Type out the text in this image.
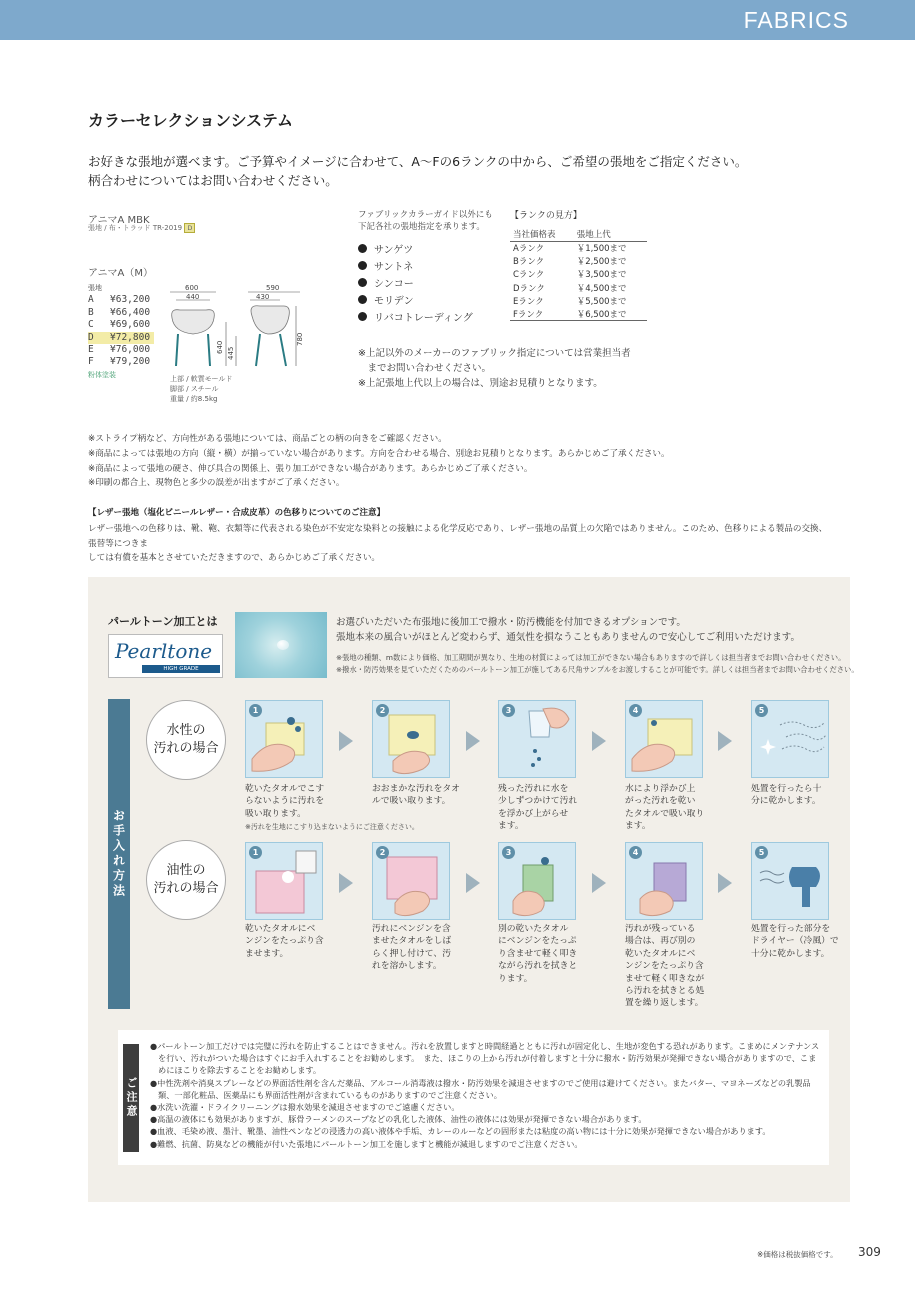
FABRICS
カラーセレクションシステム
お好きな張地が選べます。ご予算やイメージに合わせて、A〜Fの6ランクの中から、ご希望の張地をご指定ください。
柄合わせについてはお問い合わせください。
アニマA MBK
張地 / 布・トラッド TR-2019 D
アニマA（M）
張地
A	¥63,200
B	¥66,400
C	¥69,600
D	¥72,800
E	¥76,000
F	¥79,200
粉体塗装
600
440
590
430
640 445
780
上部 / 軟質モールド
脚部 / スチール
重量 / 約8.5kg
ファブリックカラーガイド以外にも
下記各社の張地指定を承ります。
サンゲツ
サントネ
シンコー
モリデン
リバコトレーディング
【ランクの見方】
当社価格表	張地上代
Aランク	￥1,500まで
Bランク	￥2,500まで
Cランク	￥3,500まで
Dランク	￥4,500まで
Eランク	￥5,500まで
Fランク	￥6,500まで
※上記以外のメーカーのファブリック指定については営業担当者
　までお問い合わせください。
※上記張地上代以上の場合は、別途お見積りとなります。
※ストライプ柄など、方向性がある張地については、商品ごとの柄の向きをご確認ください。
※商品によっては張地の方向（縦・横）が揃っていない場合があります。方向を合わせる場合、別途お見積りとなります。あらかじめご了承ください。
※商品によって張地の硬さ、伸び具合の関係上、張り加工ができない場合があります。あらかじめご了承ください。
※印刷の都合上、現物色と多少の誤差が出ますがご了承ください。
【レザー張地（塩化ビニールレザー・合成皮革）の色移りについてのご注意】
レザー張地への色移りは、靴、鞄、衣類等に代表される染色が不安定な染料との接触による化学反応であり、レザー張地の品質上の欠陥ではありません。このため、色移りによる製品の交換、張替等につきま
しては有償を基本とさせていただきますので、あらかじめご了承ください。
パールトーン加工とは
Pearltone
HIGH GRADE
お選びいただいた布張地に後加工で撥水・防汚機能を付加できるオプションです。
張地本来の風合いがほとんど変わらず、通気性を損なうこともありませんので安心してご利用いただけます。
※張地の種類、m数により価格、加工期間が異なり、生地の材質によっては加工ができない場合もありますので詳しくは担当者までお問い合わせください。
※撥水・防汚効果を見ていただくためのパールトーン加工が施してある尺角サンプルをお渡しすることが可能です。詳しくは担当者までお問い合わせください。
お手入れ方法
水性の
汚れの場合
1	2	3	4	5
乾いたタオルでこす
らないように汚れを
吸い取ります。
※汚れを生地にこすり込まないようにご注意ください。
おおまかな汚れをタオ
ルで吸い取ります。
残った汚れに水を
少しずつかけて汚れ
を浮かび上がらせ
ます。
水により浮かび上
がった汚れを乾い
たタオルで吸い取り
ます。
処置を行ったら十
分に乾かします。
油性の
汚れの場合
1	2	3	4	5
乾いたタオルにベ
ンジンをたっぷり含
ませます。
汚れにベンジンを含
ませたタオルをしば
らく押し付けて、汚
れを溶かします。
別の乾いたタオル
にベンジンをたっぷ
り含ませて軽く叩き
ながら汚れを拭きと
ります。
汚れが残っている
場合は、再び別の
乾いたタオルにベ
ンジンをたっぷり含
ませて軽く叩きなが
ら汚れを拭きとる処
置を繰り返します。
処置を行った部分を
ドライヤー（冷風）で
十分に乾かします。
ご注意
●パールトーン加工だけでは完璧に汚れを防止することはできません。汚れを放置しますと時間経過とともに汚れが固定化し、生地が変色する恐れがあります。こまめにメンテナンスを行い、汚れがついた場合はすぐにお手入れすることをお勧めします。　また、ほこりの上から汚れが付着しますと十分に撥水・防汚効果が発揮できない場合がありますので、こまめにほこりを除去することをお勧めします。
●中性洗剤や消臭スプレーなどの界面活性剤を含んだ薬品、アルコール消毒液は撥水・防汚効果を減退させますのでご使用は避けてください。またバター、マヨネーズなどの乳製品類、一部化粧品、医薬品にも界面活性剤が含まれているものがありますのでご注意ください。
●水洗い洗濯・ドライクリーニングは撥水効果を減退させますのでご遠慮ください。
●高温の液体にも効果がありますが、豚骨ラーメンのスープなどの乳化した液体、油性の液体には効果が発揮できない場合があります。
●血液、毛染め液、墨汁、靴墨、油性ペンなどの浸透力の高い液体や手垢、カレーのルーなどの固形または粘度の高い物には十分に効果が発揮できない場合があります。
●難燃、抗菌、防臭などの機能が付いた張地にパールトーン加工を施しますと機能が減退しますのでご注意ください。
※価格は税抜価格です。 309
